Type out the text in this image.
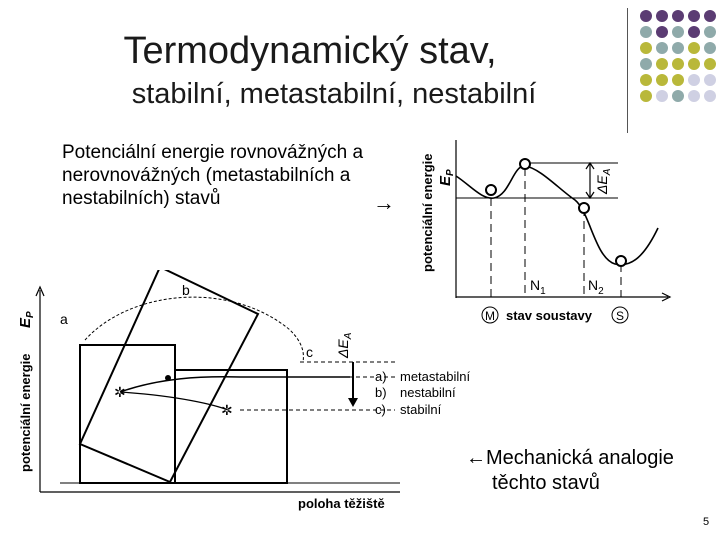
Termodynamický stav,
stabilní, metastabilní, nestabilní
Potenciální energie rovnovážných a nerovnovážných (metastabilních a nestabilních) stavů	→ potenciální energie $E_P$
$\Delta E_A$
$N_1$	$N_2$
M stav soustavy S
potenciální energie
$E_P$
✲
✲
$\Delta E_A$
a
b
c
a) metastabilní
b) nestabilní
c) stabilní
poloha těžiště
←Mechanická analogie
těchto stavů
5
